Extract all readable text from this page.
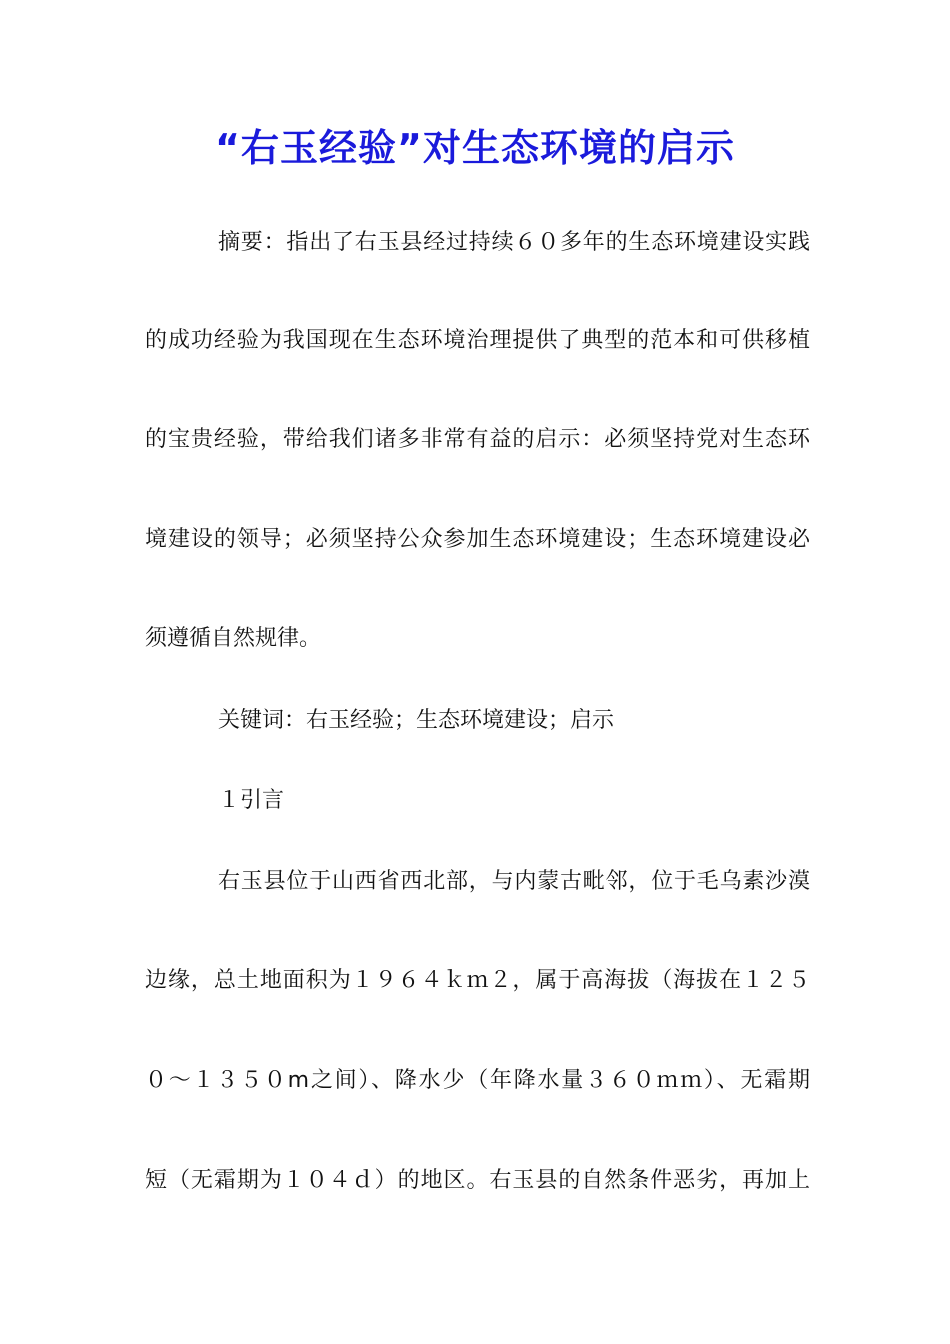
“右玉经验”对生态环境的启示
摘要：指出了右玉县经过持续６０多年的生态环境建设实践
的成功经验为我国现在生态环境治理提供了典型的范本和可供移植
的宝贵经验，带给我们诸多非常有益的启示：必须坚持党对生态环
境建设的领导；必须坚持公众参加生态环境建设；生态环境建设必
须遵循自然规律。
关键词：右玉经验；生态环境建设；启示
１引言
右玉县位于山西省西北部，与内蒙古毗邻，位于毛乌素沙漠
边缘，总土地面积为１９６４ｋｍ２，属于高海拔（海拔在１２５
０～１３５０m之间）、降水少（年降水量３６０ｍｍ）、无霜期
短（无霜期为１０４ｄ）的地区。右玉县的自然条件恶劣，再加上
